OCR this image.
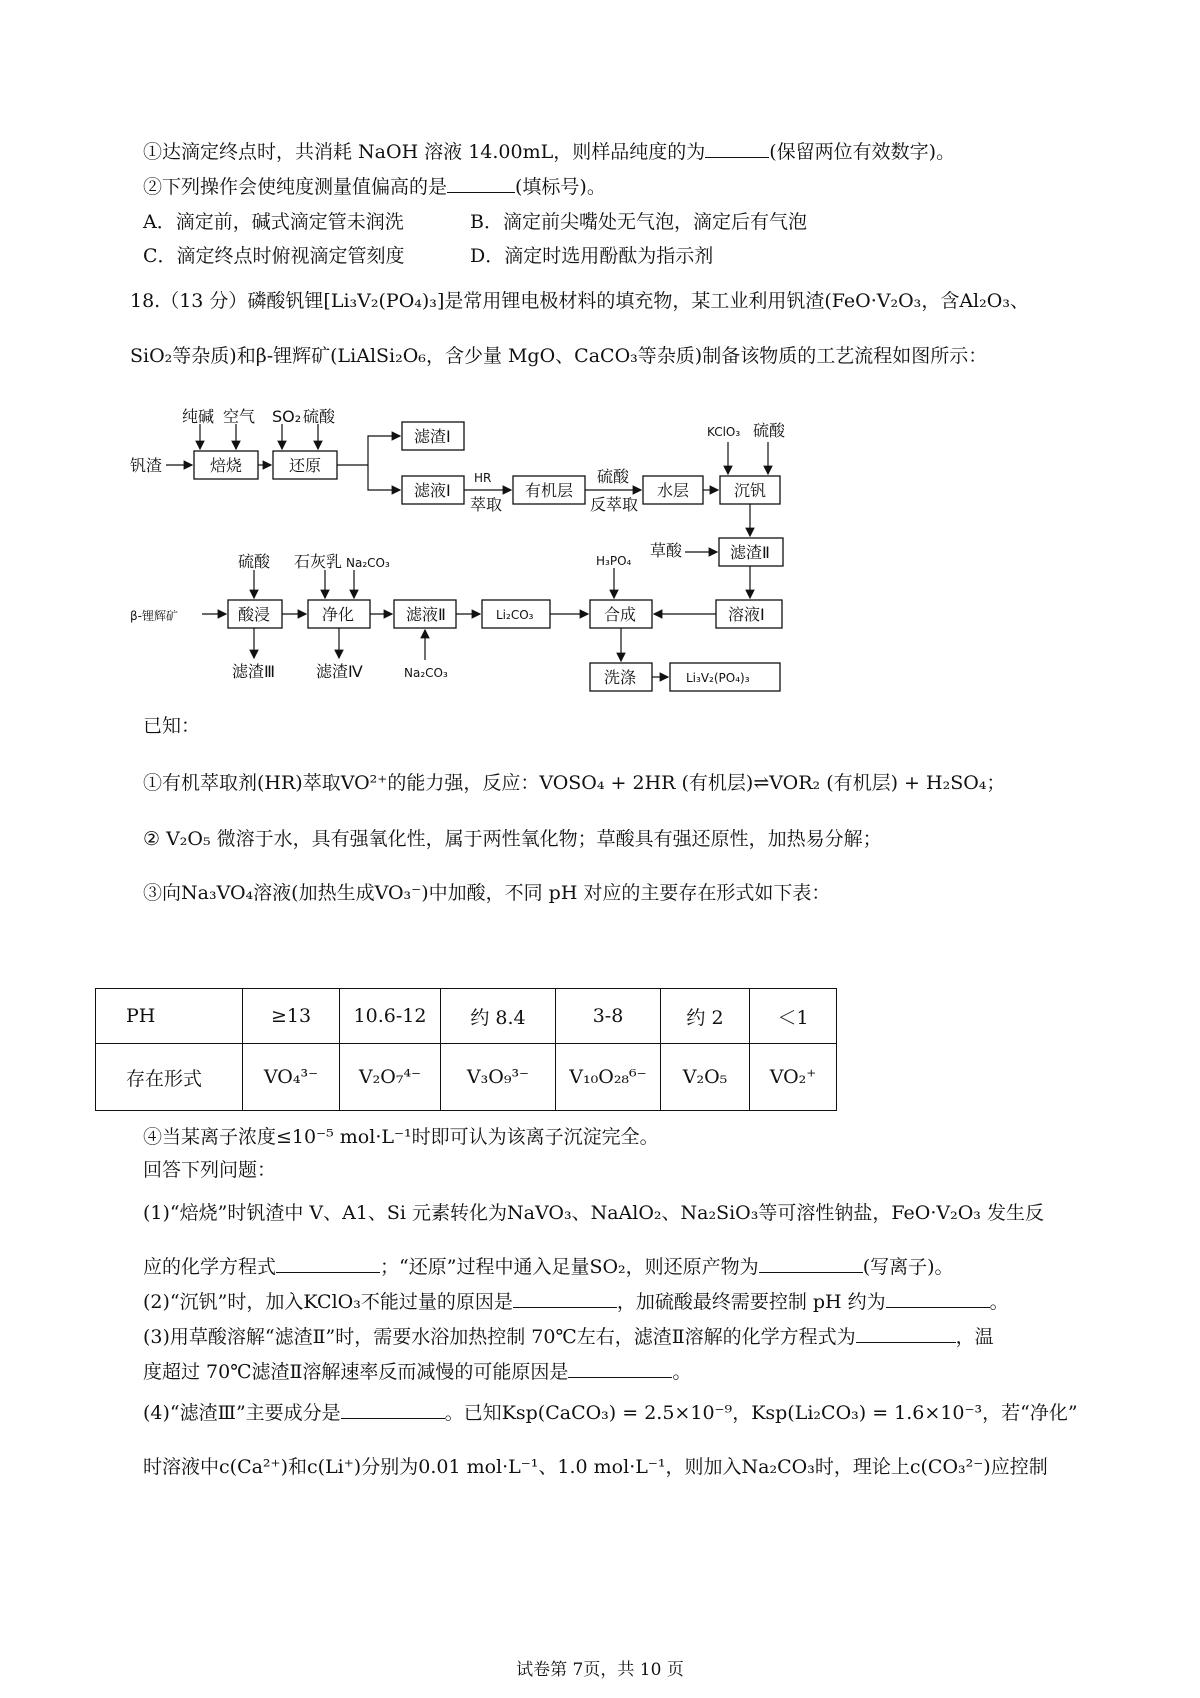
①达滴定终点时，共消耗 NaOH 溶液 14.00mL，则样品纯度的为	(保留两位有效数字)。
②下列操作会使纯度测量值偏高的是	(填标号)。
A．滴定前，碱式滴定管未润洗	B．滴定前尖嘴处无气泡，滴定后有气泡
C．滴定终点时俯视滴定管刻度	D．滴定时选用酚酞为指示剂
18.（13 分）磷酸钒锂[Li₃V₂(PO₄)₃]是常用锂电极材料的填充物，某工业利用钒渣(FeO·V₂O₃，含Al₂O₃、
SiO₂等杂质)和β-锂辉矿(LiAlSi₂O₆，含少量 MgO、CaCO₃等杂质)制备该物质的工艺流程如图所示：
纯碱 空气 SO₂ 硫酸
钒渣	焙烧	还原
滤渣Ⅰ
滤液Ⅰ
HR
萃取
有机层
硫酸
反萃取
水层
KClO₃ 硫酸
沉钒
草酸	滤渣Ⅱ
溶液Ⅰ
H₃PO₄
合成
洗涤	Li₃V₂(PO₄)₃
β-锂辉矿
硫酸
酸浸
石灰乳 Na₂CO₃
净化	滤液Ⅱ	Li₂CO₃
滤渣Ⅲ	滤渣Ⅳ	Na₂CO₃
已知：
①有机萃取剂(HR)萃取VO²⁺的能力强，反应：VOSO₄ + 2HR (有机层)⇌VOR₂ (有机层) + H₂SO₄；
② V₂O₅ 微溶于水，具有强氧化性，属于两性氧化物；草酸具有强还原性，加热易分解；
③向Na₃VO₄溶液(加热生成VO₃⁻)中加酸，不同 pH 对应的主要存在形式如下表：
PH	≥13	10.6-12	约 8.4	3-8	约 2	＜1
存在形式	VO₄³⁻	V₂O₇⁴⁻	V₃O₉³⁻	V₁₀O₂₈⁶⁻	V₂O₅	VO₂⁺
④当某离子浓度≤10⁻⁵ mol·L⁻¹时即可认为该离子沉淀完全。
回答下列问题：
(1)“焙烧”时钒渣中 V、A1、Si 元素转化为NaVO₃、NaAlO₂、Na₂SiO₃等可溶性钠盐，FeO·V₂O₃ 发生反
应的化学方程式	；“还原”过程中通入足量SO₂，则还原产物为	(写离子)。
(2)“沉钒”时，加入KClO₃不能过量的原因是	，加硫酸最终需要控制 pH 约为	。
(3)用草酸溶解“滤渣Ⅱ”时，需要水浴加热控制 70℃左右，滤渣Ⅱ溶解的化学方程式为	，温
度超过 70℃滤渣Ⅱ溶解速率反而减慢的可能原因是	。
(4)“滤渣Ⅲ”主要成分是	。已知Ksp(CaCO₃) = 2.5×10⁻⁹，Ksp(Li₂CO₃) = 1.6×10⁻³，若“净化”
时溶液中c(Ca²⁺)和c(Li⁺)分别为0.01 mol·L⁻¹、1.0 mol·L⁻¹，则加入Na₂CO₃时，理论上c(CO₃²⁻)应控制
试卷第 7页，共 10 页
